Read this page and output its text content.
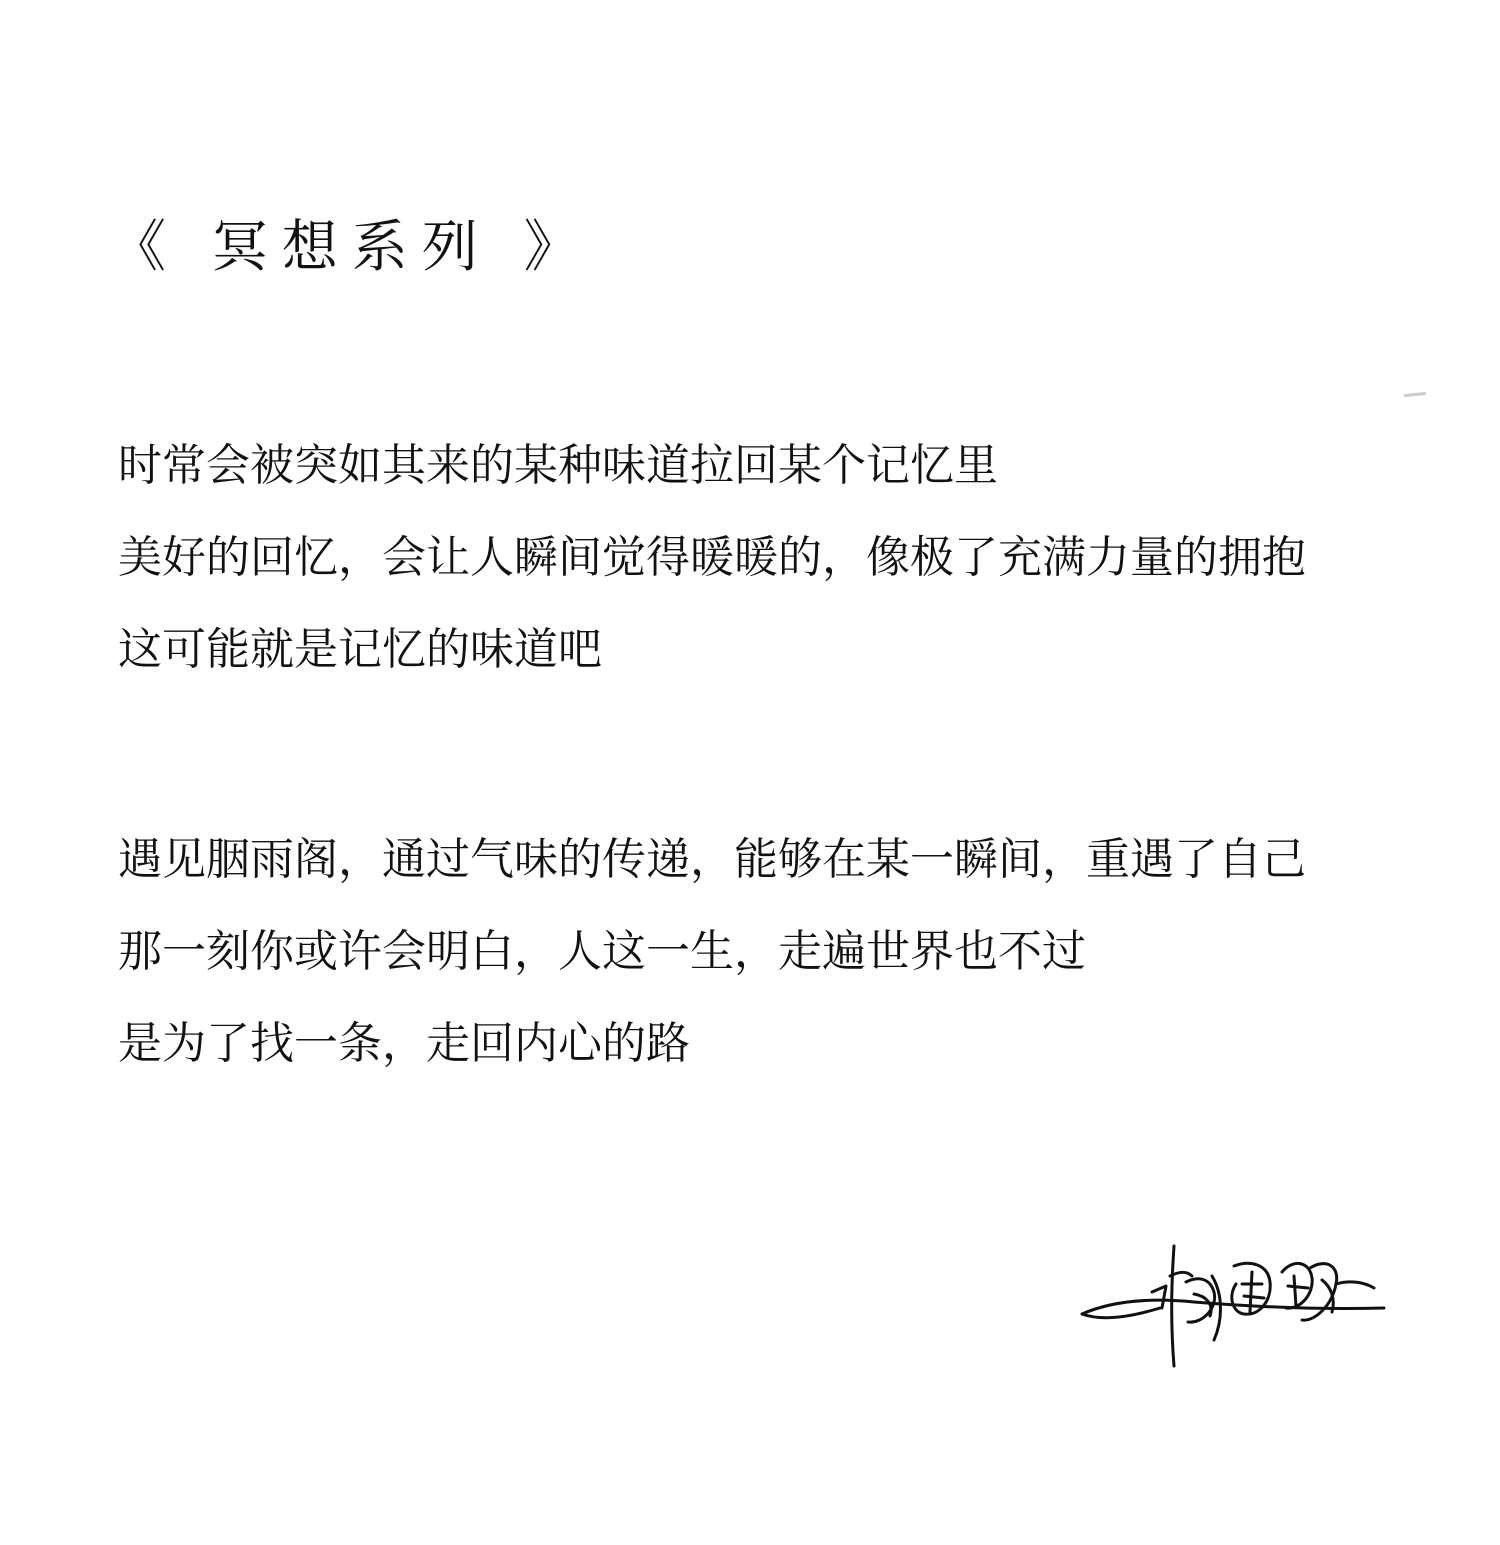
《 冥想系列 》
时常会被突如其来的某种味道拉回某个记忆里
美好的回忆，会让人瞬间觉得暖暖的，像极了充满力量的拥抱
这可能就是记忆的味道吧
遇见胭雨阁，通过气味的传递，能够在某一瞬间，重遇了自己
那一刻你或许会明白，人这一生，走遍世界也不过
是为了找一条，走回内心的路
